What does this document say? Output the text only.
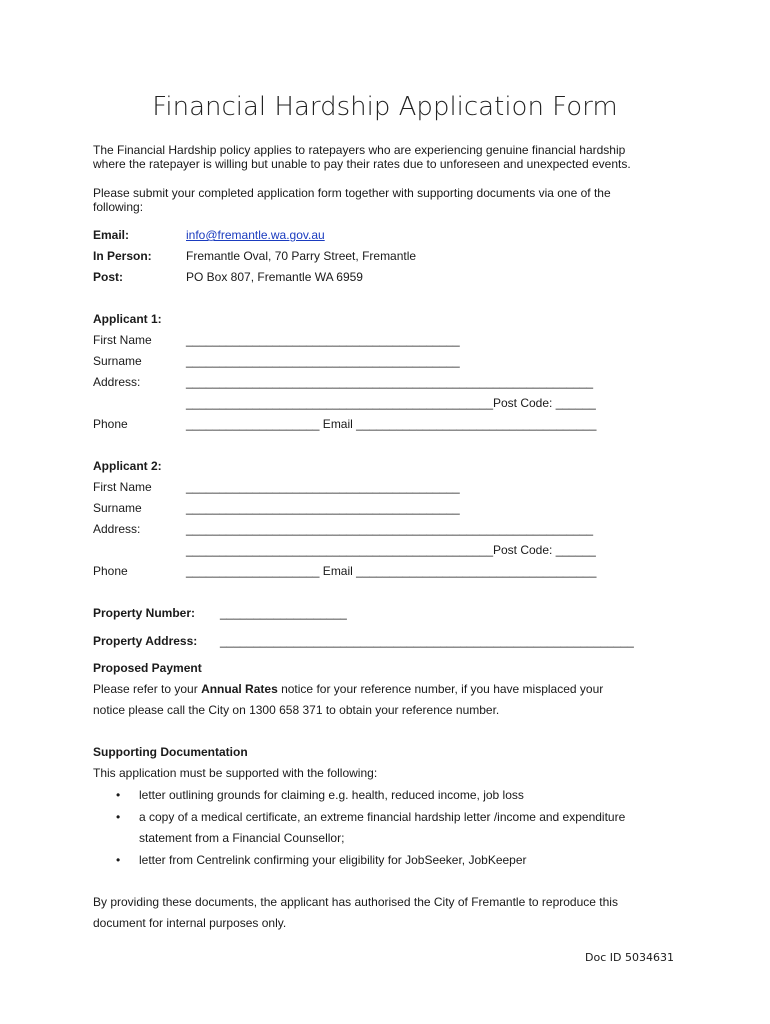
Financial Hardship Application Form
The Financial Hardship policy applies to ratepayers who are experiencing genuine financial hardship
where the ratepayer is willing but unable to pay their rates due to unforeseen and unexpected events.
Please submit your completed application form together with supporting documents via one of the
following:
Email:	info@fremantle.wa.gov.au
In Person:	Fremantle Oval, 70 Parry Street, Fremantle
Post:	PO Box 807, Fremantle WA 6959
Applicant 1:
First Name	_________________________________________
Surname	_________________________________________
Address:	_____________________________________________________________
______________________________________________Post Code: ______
Phone	____________________ Email ____________________________________
Applicant 2:
First Name	_________________________________________
Surname	_________________________________________
Address:	_____________________________________________________________
______________________________________________Post Code: ______
Phone	____________________ Email ____________________________________
Property Number: ___________________
Property Address: ______________________________________________________________
Proposed Payment
Please refer to your Annual Rates notice for your reference number, if you have misplaced your
notice please call the City on 1300 658 371 to obtain your reference number.
Supporting Documentation
This application must be supported with the following:
• letter outlining grounds for claiming e.g. health, reduced income, job loss
• a copy of a medical certificate, an extreme financial hardship letter /income and expenditure
statement from a Financial Counsellor;
• letter from Centrelink confirming your eligibility for JobSeeker, JobKeeper
By providing these documents, the applicant has authorised the City of Fremantle to reproduce this
document for internal purposes only.
Doc ID 5034631
